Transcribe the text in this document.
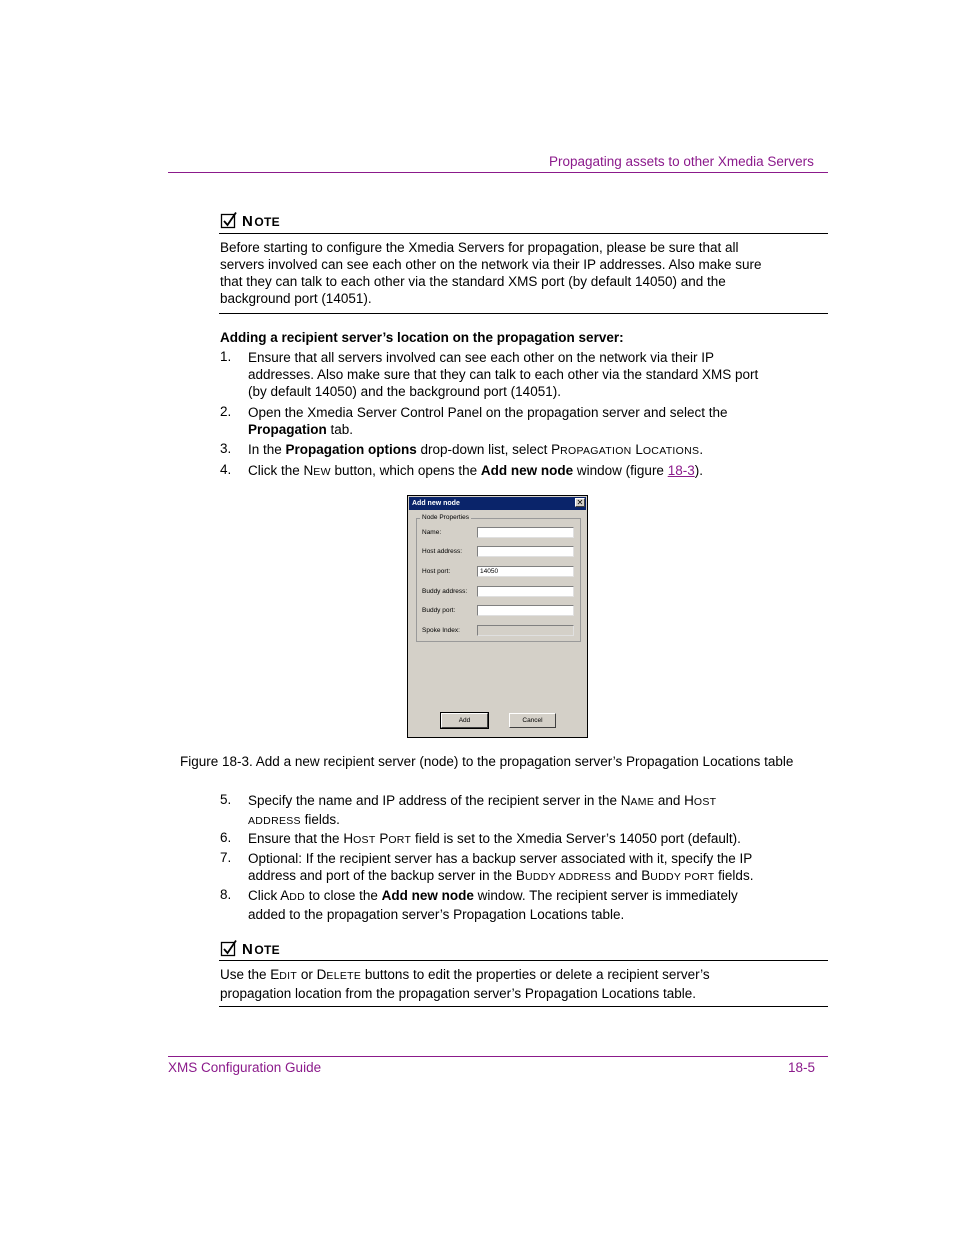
Propagating assets to other Xmedia Servers
NOTE
Before starting to configure the Xmedia Servers for propagation, please be sure that all servers involved can see each other on the network via their IP addresses. Also make sure that they can talk to each other via the standard XMS port (by default 14050) and the background port (14051).
Adding a recipient server’s location on the propagation server:
1. Ensure that all servers involved can see each other on the network via their IP addresses. Also make sure that they can talk to each other via the standard XMS port (by default 14050) and the background port (14051).
2. Open the Xmedia Server Control Panel on the propagation server and select the Propagation tab.
3. In the Propagation options drop-down list, select PROPAGATION LOCATIONS.
4. Click the NEW button, which opens the Add new node window (figure 18-3).
Add new node	✕
Node Properties
Name:
Host address:
Host port:	14050
Buddy address:
Buddy port:
Spoke Index:
Add	Cancel
Figure 18-3. Add a new recipient server (node) to the propagation server’s Propagation Locations table
5. Specify the name and IP address of the recipient server in the NAME and HOST
ADDRESS fields.
6. Ensure that the HOST PORT field is set to the Xmedia Server’s 14050 port (default).
7. Optional: If the recipient server has a backup server associated with it, specify the IP address and port of the backup server in the BUDDY ADDRESS and BUDDY PORT fields.
8. Click ADD to close the Add new node window. The recipient server is immediately added to the propagation server’s Propagation Locations table.
NOTE
Use the EDIT or DELETE buttons to edit the properties or delete a recipient server’s propagation location from the propagation server’s Propagation Locations table.
XMS Configuration Guide	18-5
